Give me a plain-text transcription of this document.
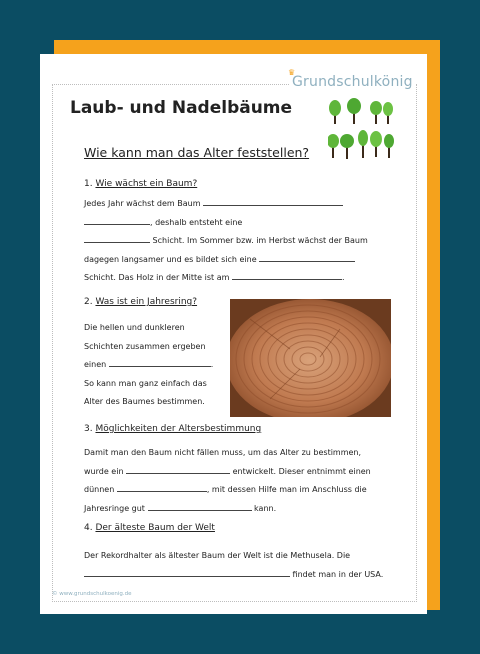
♛
Grundschulkönig
Laub- und Nadelbäume
Wie kann man das Alter feststellen?
1. Wie wächst ein Baum?
Jedes Jahr wächst dem Baum
, deshalb entsteht eine
Schicht. Im Sommer bzw. im Herbst wächst der Baum
dagegen langsamer und es bildet sich eine
Schicht. Das Holz in der Mitte ist am	.
2. Was ist ein Jahresring?
Die hellen und dunkleren
Schichten zusammen ergeben
einen	.
So kann man ganz einfach das
Alter des Baumes bestimmen.
3. Möglichkeiten der Altersbestimmung
Damit man den Baum nicht fällen muss, um das Alter zu bestimmen,
wurde ein	entwickelt. Dieser entnimmt einen
dünnen	, mit dessen Hilfe man im Anschluss die
Jahresringe gut	kann.
4. Der älteste Baum der Welt
Der Rekordhalter als ältester Baum der Welt ist die Methusela. Die
findet man in der USA.
© www.grundschulkoenig.de
